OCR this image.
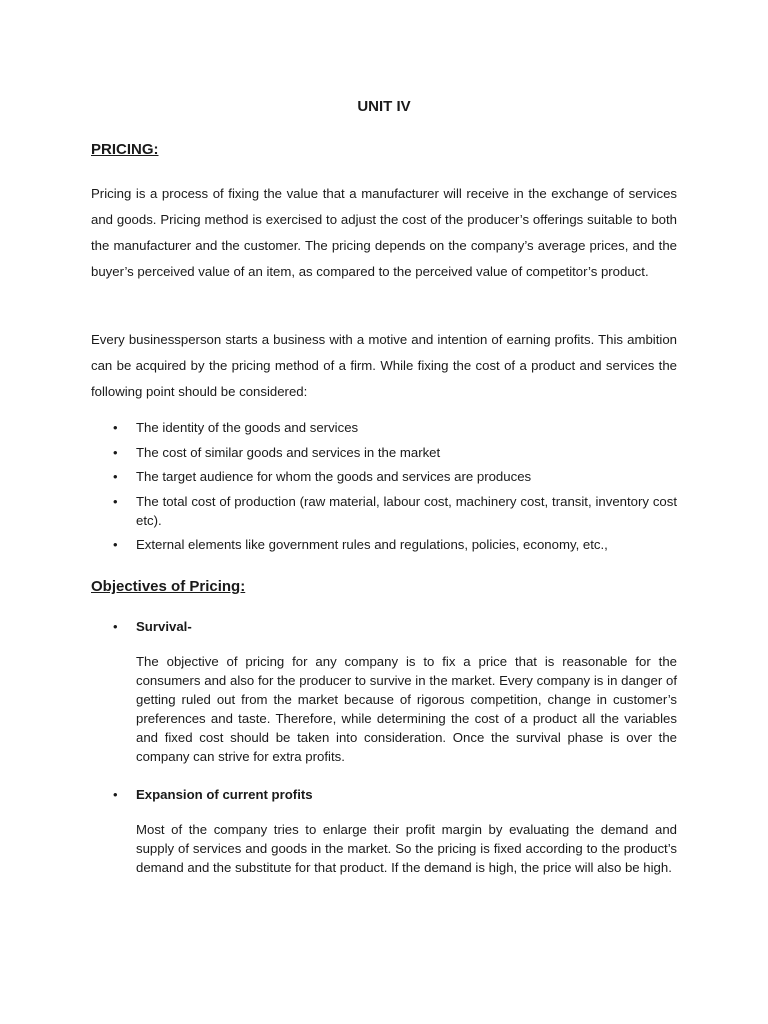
UNIT IV
PRICING:

Pricing is a process of fixing the value that a manufacturer will receive in the exchange of services and goods. Pricing method is exercised to adjust the cost of the producer’s offerings suitable to both the manufacturer and the customer. The pricing depends on the company’s average prices, and the buyer’s perceived value of an item, as compared to the perceived value of competitor’s product.

Every businessperson starts a business with a motive and intention of earning profits. This ambition can be acquired by the pricing method of a firm. While fixing the cost of a product and services the following point should be considered:

• The identity of the goods and services
• The cost of similar goods and services in the market
• The target audience for whom the goods and services are produces
• The total cost of production (raw material, labour cost, machinery cost, transit, inventory cost etc).
• External elements like government rules and regulations, policies, economy, etc.,
Objectives of Pricing:
• Survival-

The objective of pricing for any company is to fix a price that is reasonable for the consumers and also for the producer to survive in the market. Every company is in danger of getting ruled out from the market because of rigorous competition, change in customer’s preferences and taste. Therefore, while determining the cost of a product all the variables and fixed cost should be taken into consideration. Once the survival phase is over the company can strive for extra profits.

• Expansion of current profits

Most of the company tries to enlarge their profit margin by evaluating the demand and supply of services and goods in the market. So the pricing is fixed according to the product’s demand and the substitute for that product. If the demand is high, the price will also be high.
